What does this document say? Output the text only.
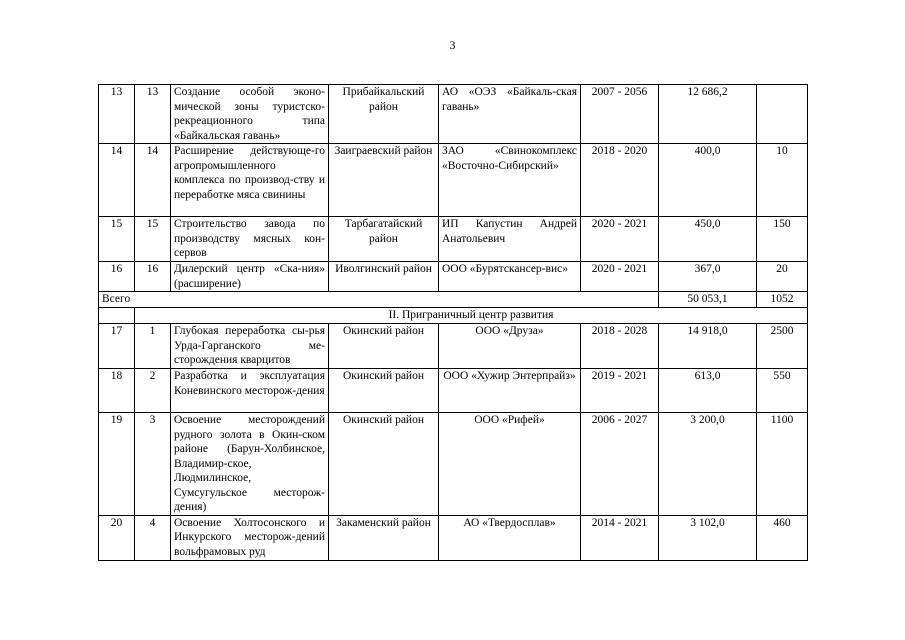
3
13	13	Создание особой эконо-мической зоны туристско-рекреационного типа «Байкальская гавань»	Прибайкальский район	АО «ОЭЗ «Байкаль-ская гавань»	2007 - 2056	12 686,2	
14	14	Расширение действующе-го агропромышленного комплекса по производ-ству и переработке мяса свинины	Заиграевский район	ЗАО «Свинокомплекс «Восточно-Сибирский»	2018 - 2020	400,0	10
15	15	Строительство завода по производству мясных кон-сервов	Тарбагатайский район	ИП Капустин Андрей Анатольевич	2020 - 2021	450,0	150
16	16	Дилерский центр «Ска-ния» (расширение)	Иволгинский район	ООО «Бурятскансер-вис»	2020 - 2021	367,0	20
Всего						50 053,1	1052
	II. Приграничный центр развития						
17	1	Глубокая переработка сы-рья Урда-Гарганского ме-сторождения кварцитов	Окинский район	ООО «Друза»	2018 - 2028	14 918,0	2500
18	2	Разработка и эксплуатация Коневинского месторож-дения	Окинский район	ООО «Хужир Энтерпрайз»	2019 - 2021	613,0	550
19	3	Освоение месторождений рудного золота в Окин-ском районе (Барун-Холбинское, Владимир-ское, Людмилинское, Сумсугульское месторож-дения)	Окинский район	ООО «Рифей»	2006 - 2027	3 200,0	1100
20	4	Освоение Холтосонского и Инкурского месторож-дений вольфрамовых руд	Закаменский район	АО «Твердосплав»	2014 - 2021	3 102,0	460
